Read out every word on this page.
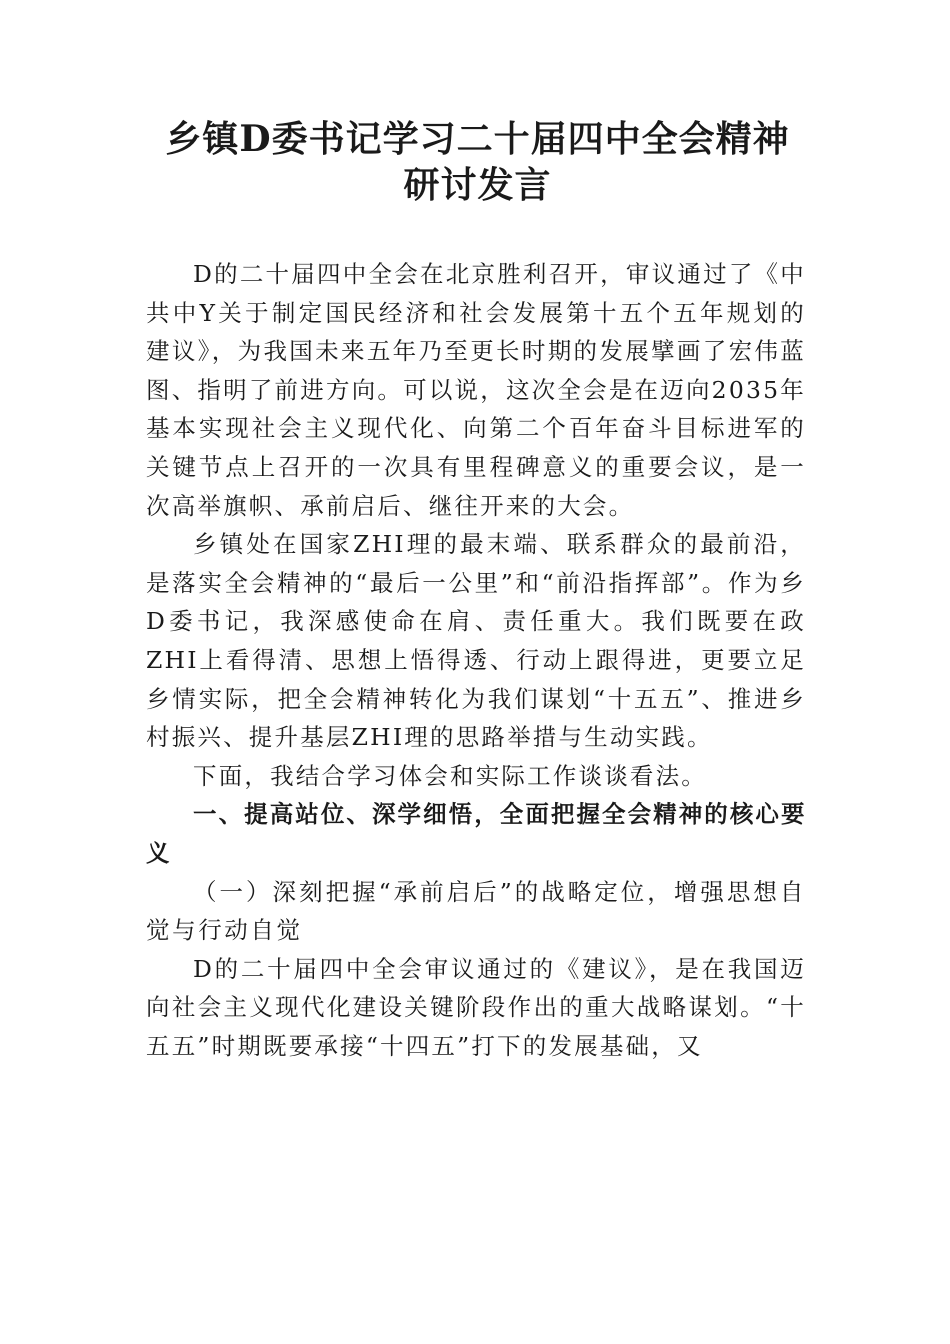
乡镇D委书记学习二十届四中全会精神研讨发言

D的二十届四中全会在北京胜利召开，审议通过了《中共中Y关于制定国民经济和社会发展第十五个五年规划的建议》，为我国未来五年乃至更长时期的发展擘画了宏伟蓝图、指明了前进方向。可以说，这次全会是在迈向2035年基本实现社会主义现代化、向第二个百年奋斗目标进军的关键节点上召开的一次具有里程碑意义的重要会议，是一次高举旗帜、承前启后、继往开来的大会。

乡镇处在国家ZHI理的最末端、联系群众的最前沿，是落实全会精神的“最后一公里”和“前沿指挥部”。作为乡D委书记，我深感使命在肩、责任重大。我们既要在政ZHI上看得清、思想上悟得透、行动上跟得进，更要立足乡情实际，把全会精神转化为我们谋划“十五五”、推进乡村振兴、提升基层ZHI理的思路举措与生动实践。

下面，我结合学习体会和实际工作谈谈看法。

一、提高站位、深学细悟，全面把握全会精神的核心要义

（一）深刻把握“承前启后”的战略定位，增强思想自觉与行动自觉

D的二十届四中全会审议通过的《建议》，是在我国迈向社会主义现代化建设关键阶段作出的重大战略谋划。“十五五”时期既要承接“十四五”打下的发展基础，又
